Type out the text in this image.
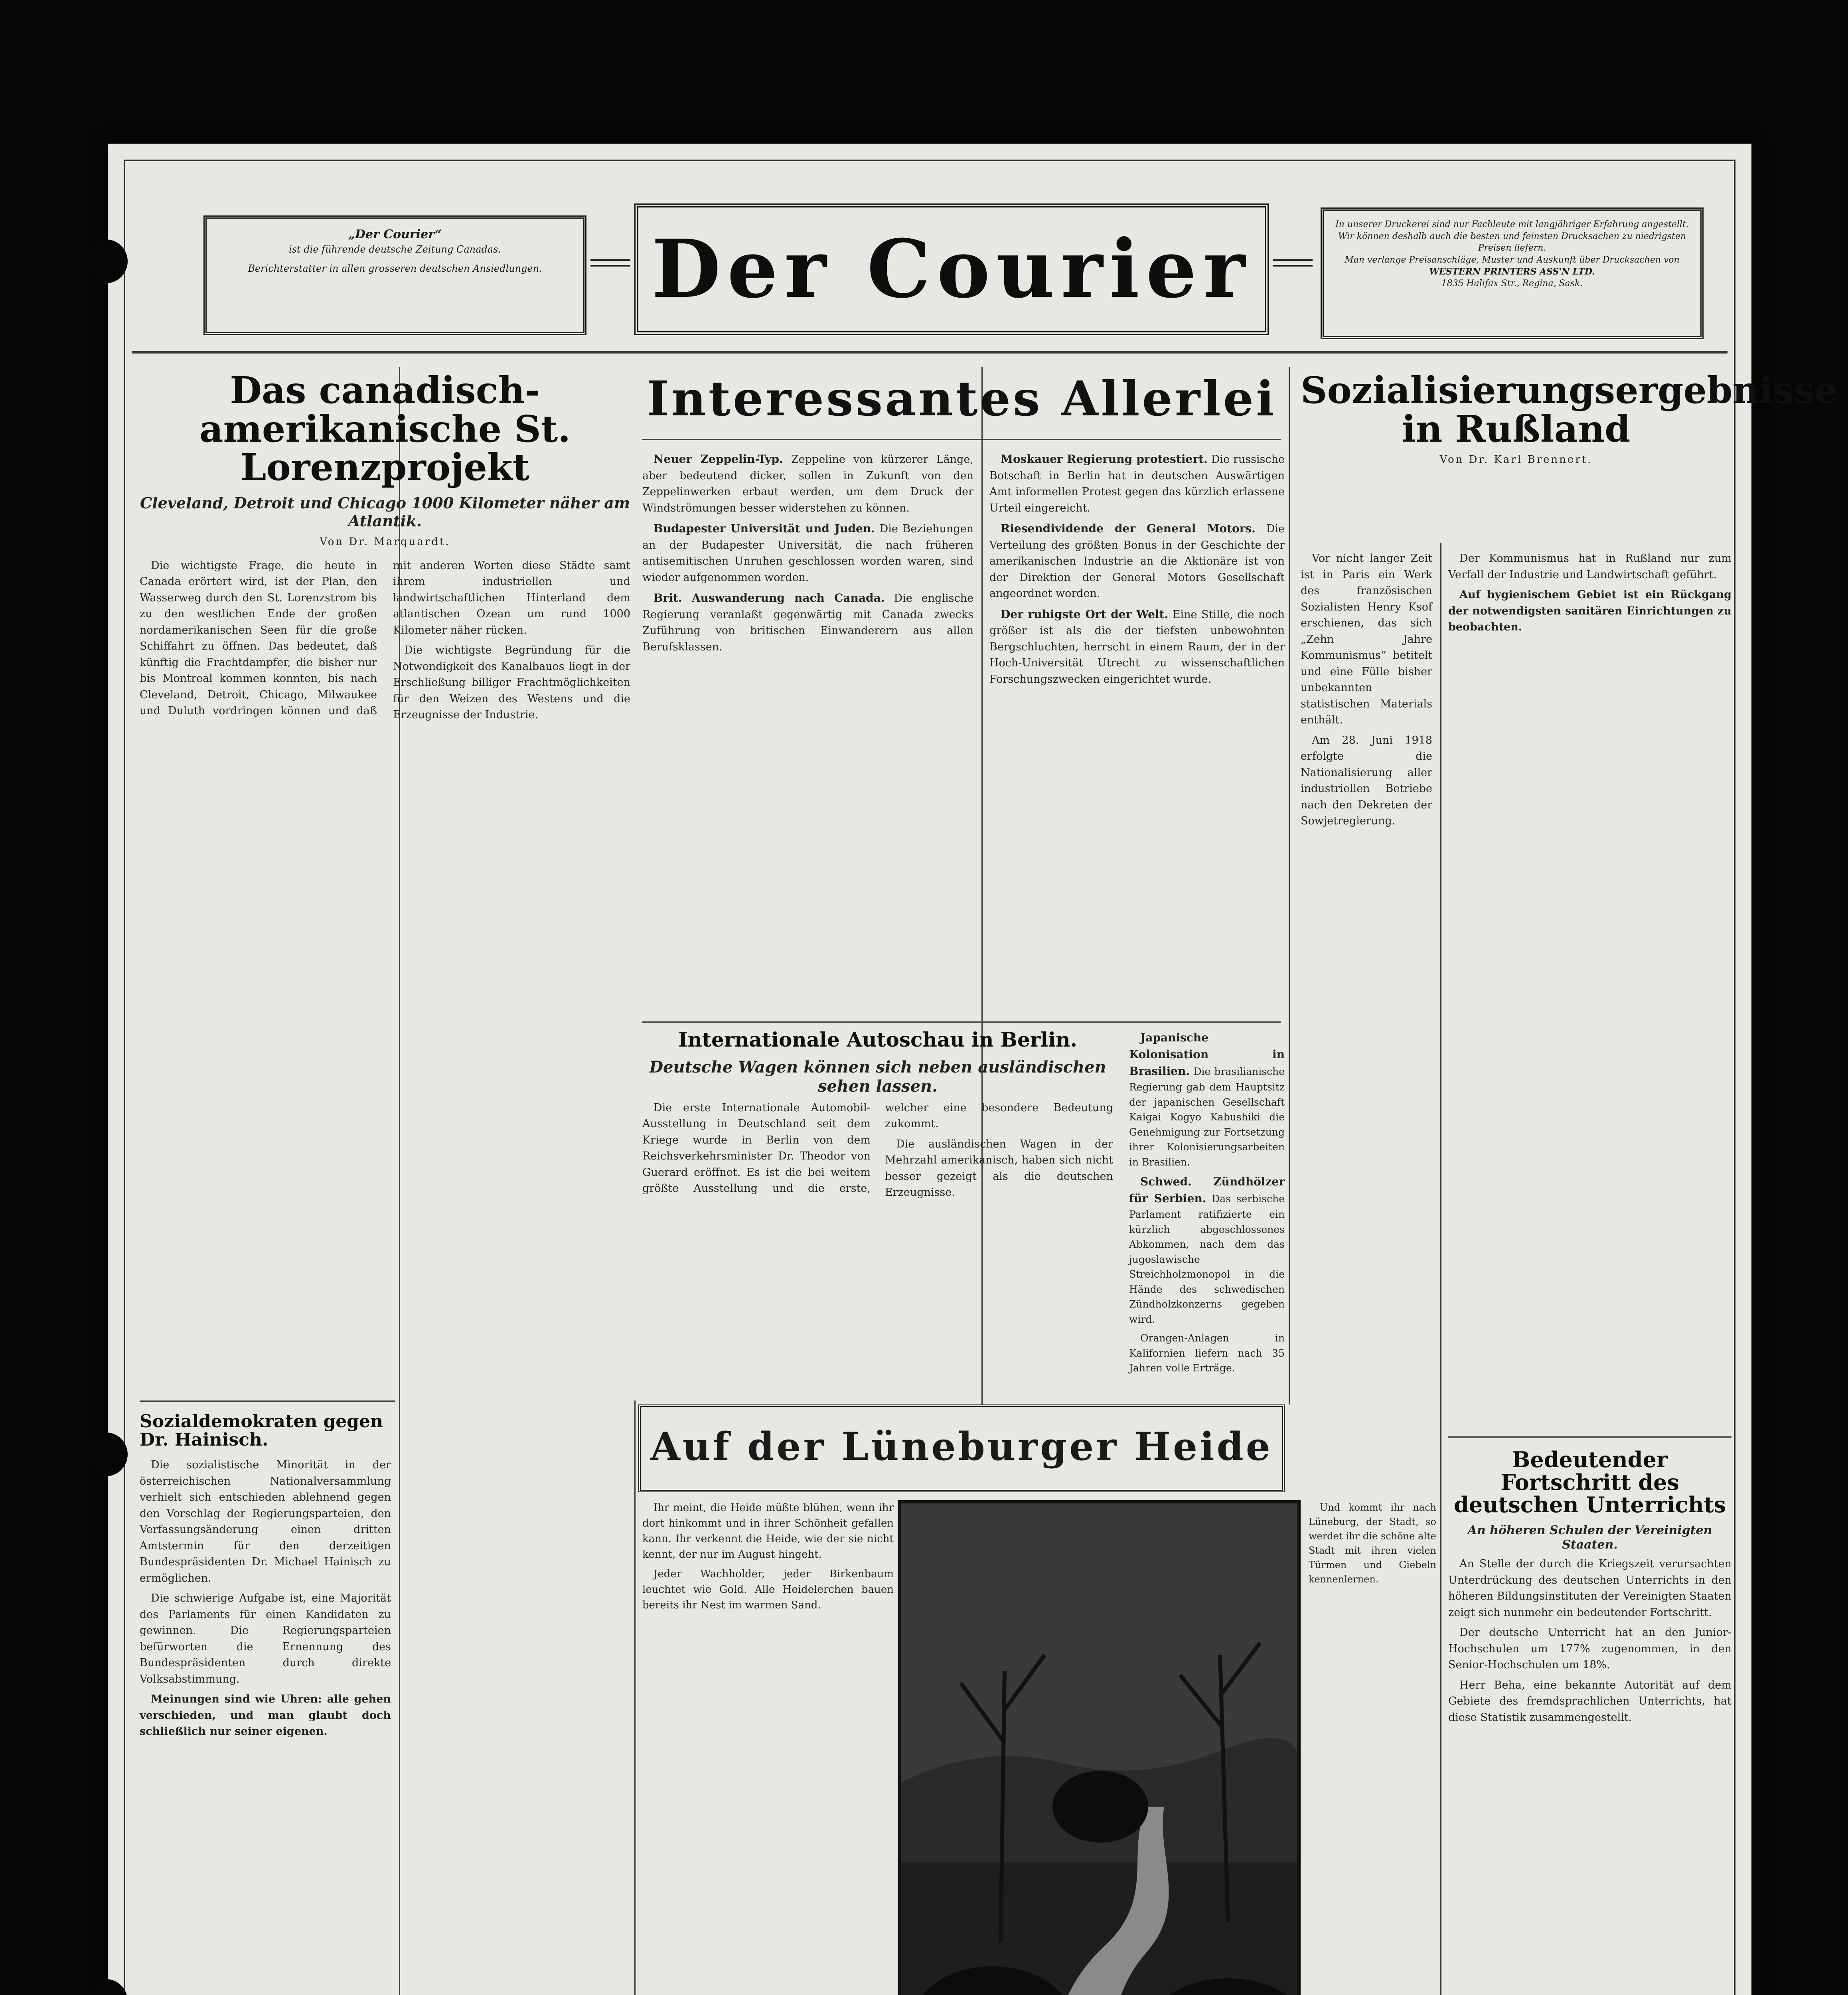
„Der Courier“
ist die führende deutsche Zeitung Canadas.
Berichterstatter in allen grosseren deutschen Ansiedlungen.	Der Courier	In unserer Druckerei sind nur Fachleute mit langjähriger Erfahrung angestellt.
Wir können deshalb auch die besten und feinsten Drucksachen zu niedrigsten Preisen liefern.
Man verlange Preisanschläge, Muster und Auskunft über Drucksachen von
WESTERN PRINTERS ASS'N LTD.
1835 Halifax Str., Regina, Sask.
Das canadisch-amerikanische St. Lorenzprojekt
Cleveland, Detroit und Chicago 1000 Kilometer näher am Atlantik.
Von Dr. Marquardt.

Die wichtigste Frage, die heute in Canada erörtert wird, ist der Plan, den Wasserweg durch den St. Lorenzstrom bis zu den westlichen Ende der großen nordamerikanischen Seen für die große Schiffahrt zu öffnen. Das bedeutet, daß künftig die Frachtdampfer, die bisher nur bis Montreal kommen konnten, bis nach Cleveland, Detroit, Chicago, Milwaukee und Duluth vordringen können und daß mit anderen Worten diese Städte samt ihrem industriellen und landwirtschaftlichen Hinterland dem atlantischen Ozean um rund 1000 Kilometer näher rücken.

Die wichtigste Begründung für die Notwendigkeit des Kanalbaues liegt in der Erschließung billiger Frachtmöglichkeiten für den Weizen des Westens und die Erzeugnisse der Industrie.

Sozialdemokraten gegen Dr. Hainisch.

Die sozialistische Minorität in der österreichischen Nationalversammlung verhielt sich entschieden ablehnend gegen den Vorschlag der Regierungsparteien, den Verfassungsänderung einen dritten Amtstermin für den derzeitigen Bundespräsidenten Dr. Michael Hainisch zu ermöglichen.

Die schwierige Aufgabe ist, eine Majorität des Parlaments für einen Kandidaten zu gewinnen. Die Regierungsparteien befürworten die Ernennung des Bundespräsidenten durch direkte Volksabstimmung.

Meinungen sind wie Uhren: alle gehen verschieden, und man glaubt doch schließlich nur seiner eigenen.

Interessantes Allerlei

Neuer Zeppelin-Typ. Zeppeline von kürzerer Länge, aber bedeutend dicker, sollen in Zukunft von den Zeppelinwerken erbaut werden, um dem Druck der Windströmungen besser widerstehen zu können.

Budapester Universität und Juden. Die Beziehungen an der Budapester Universität, die nach früheren antisemitischen Unruhen geschlossen worden waren, sind wieder aufgenommen worden.

Brit. Auswanderung nach Canada. Die englische Regierung veranlaßt gegenwärtig mit Canada zwecks Zuführung von britischen Einwanderern aus allen Berufsklassen.

Moskauer Regierung protestiert. Die russische Botschaft in Berlin hat in deutschen Auswärtigen Amt informellen Protest gegen das kürzlich erlassene Urteil eingereicht.

Riesendividende der General Motors. Die Verteilung des größten Bonus in der Geschichte der amerikanischen Industrie an die Aktionäre ist von der Direktion der General Motors Gesellschaft angeordnet worden.

Der ruhigste Ort der Welt. Eine Stille, die noch größer ist als die der tiefsten unbewohnten Bergschluchten, herrscht in einem Raum, der in der Hoch-Universität Utrecht zu wissenschaftlichen Forschungszwecken eingerichtet wurde.

Internationale Autoschau in Berlin.
Deutsche Wagen können sich neben ausländischen sehen lassen.

Die erste Internationale Automobil-Ausstellung in Deutschland seit dem Kriege wurde in Berlin von dem Reichsverkehrsminister Dr. Theodor von Guerard eröffnet. Es ist die bei weitem größte Ausstellung und die erste, welcher eine besondere Bedeutung zukommt.

Die ausländischen Wagen in der Mehrzahl amerikanisch, haben sich nicht besser gezeigt als die deutschen Erzeugnisse.

Japanische Kolonisation in Brasilien. Die brasilianische Regierung gab dem Hauptsitz der japanischen Gesellschaft Kaigai Kogyo Kabushiki die Genehmigung zur Fortsetzung ihrer Kolonisierungsarbeiten in Brasilien.

Schwed. Zündhölzer für Serbien. Das serbische Parlament ratifizierte ein kürzlich abgeschlossenes Abkommen, nach dem das jugoslawische Streichholzmonopol in die Hände des schwedischen Zündholzkonzerns gegeben wird.

Orangen-Anlagen in Kalifornien liefern nach 35 Jahren volle Erträge.

Auf der Lüneburger Heide

Ihr meint, die Heide müßte blühen, wenn ihr dort hinkommt und in ihrer Schönheit gefallen kann. Ihr verkennt die Heide, wie der sie nicht kennt, der nur im August hingeht.

Jeder Wachholder, jeder Birkenbaum leuchtet wie Gold. Alle Heidelerchen bauen bereits ihr Nest im warmen Sand.

Und kommt ihr nach Lüneburg, der Stadt, so werdet ihr die schöne alte Stadt mit ihren vielen Türmen und Giebeln kennenlernen.

Sozialisierungsergebnisse in Rußland
Von Dr. Karl Brennert.

Vor nicht langer Zeit ist in Paris ein Werk des französischen Sozialisten Henry Ksof erschienen, das sich „Zehn Jahre Kommunismus“ betitelt und eine Fülle bisher unbekannten statistischen Materials enthält.

Am 28. Juni 1918 erfolgte die Nationalisierung aller industriellen Betriebe nach den Dekreten der Sowjetregierung.

Der Kommunismus hat in Rußland nur zum Verfall der Industrie und Landwirtschaft geführt.

Auf hygienischem Gebiet ist ein Rückgang der notwendigsten sanitären Einrichtungen zu beobachten.

Bedeutender Fortschritt des deutschen Unterrichts
An höheren Schulen der Vereinigten Staaten.

An Stelle der durch die Kriegszeit verursachten Unterdrückung des deutschen Unterrichts in den höheren Bildungsinstituten der Vereinigten Staaten zeigt sich nunmehr ein bedeutender Fortschritt.

Der deutsche Unterricht hat an den Junior-Hochschulen um 177% zugenommen, in den Senior-Hochschulen um 18%.

Herr Beha, eine bekannte Autorität auf dem Gebiete des fremdsprachlichen Unterrichts, hat diese Statistik zusammengestellt.
